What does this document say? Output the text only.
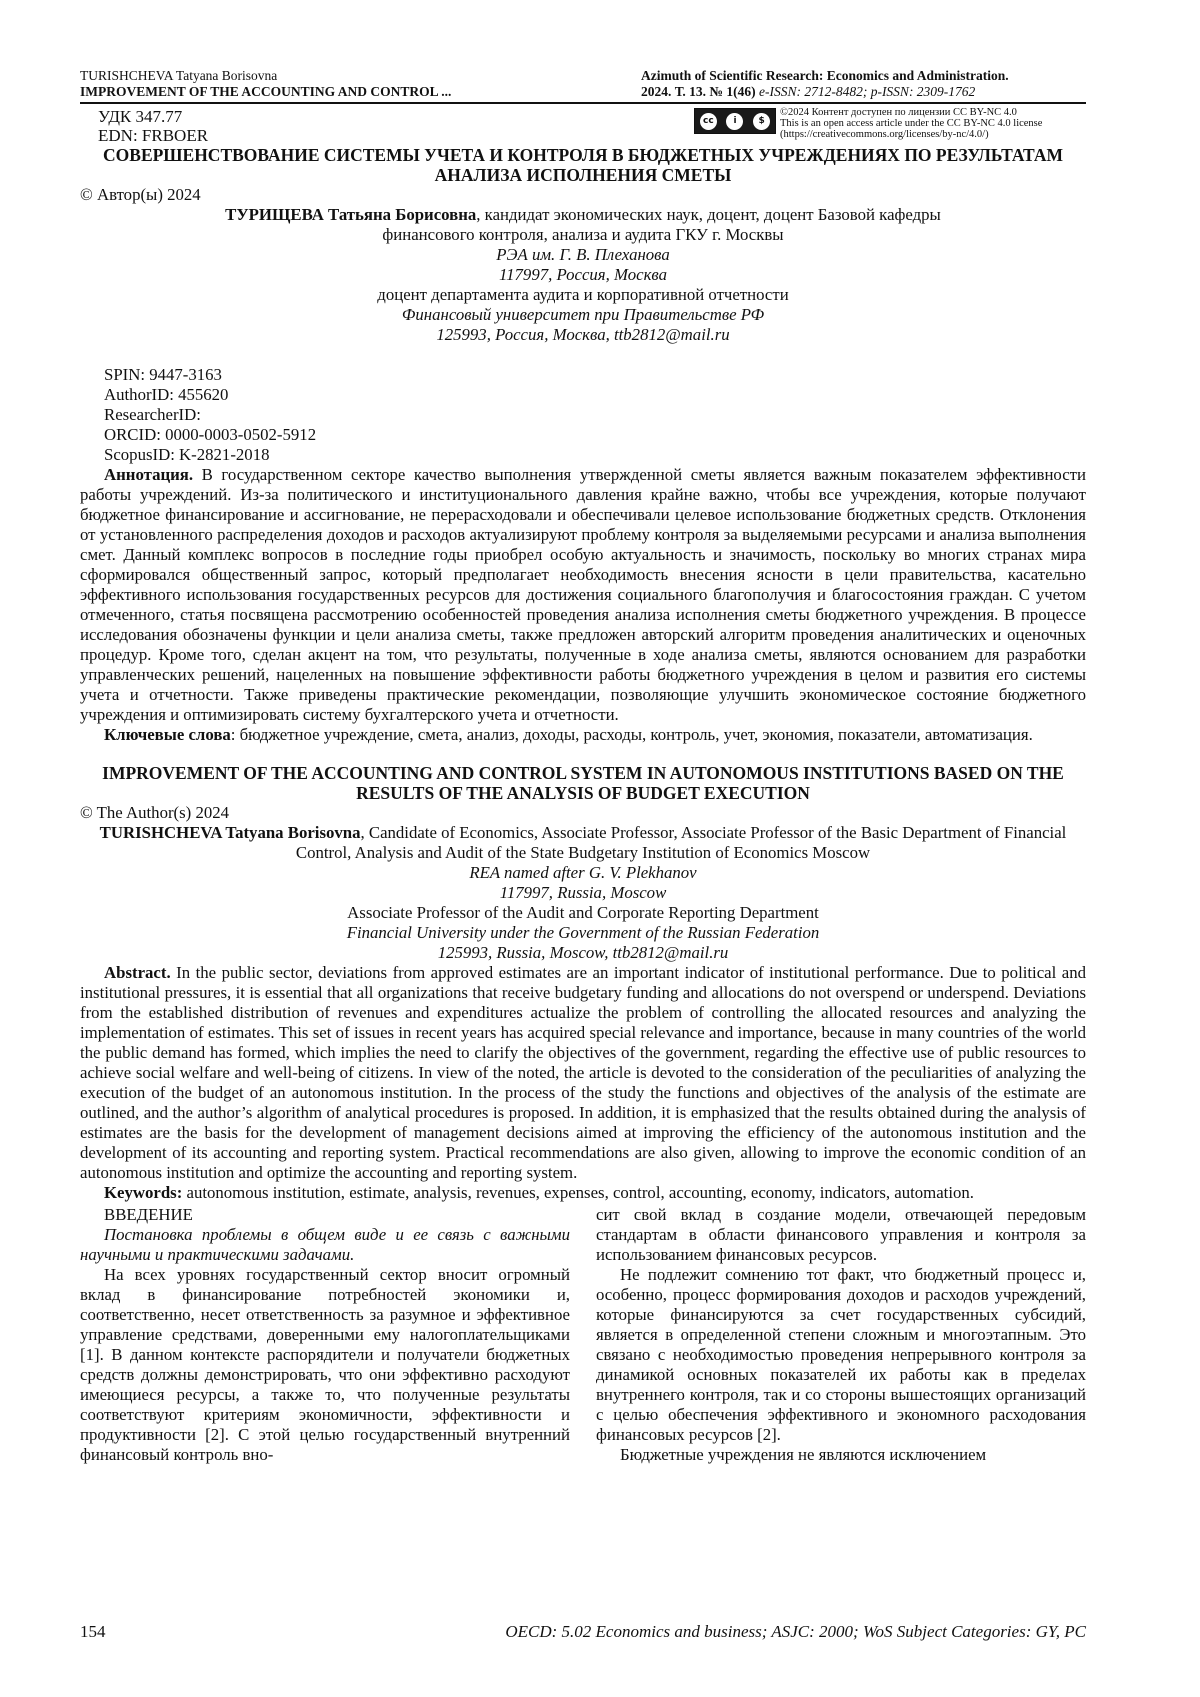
TURISHCHEVA Tatyana Borisovna
IMPROVEMENT OF THE ACCOUNTING AND CONTROL ...
Azimuth of Scientific Research: Economics and Administration.
2024. Т. 13. № 1(46) e-ISSN: 2712-8482; p-ISSN: 2309-1762
УДК 347.77
EDN: FRBOER
cc	i	$
©2024 Контент доступен по лицензии CC BY-NC 4.0
This is an open access article under the CC BY-NC 4.0 license
(https://creativecommons.org/licenses/by-nc/4.0/)
СОВЕРШЕНСТВОВАНИЕ СИСТЕМЫ УЧЕТА И КОНТРОЛЯ В БЮДЖЕТНЫХ УЧРЕЖДЕНИЯХ ПО РЕЗУЛЬТАТАМ АНАЛИЗА ИСПОЛНЕНИЯ СМЕТЫ

© Автор(ы) 2024

ТУРИЩЕВА Татьяна Борисовна, кандидат экономических наук, доцент, доцент Базовой кафедры
финансового контроля, анализа и аудита ГКУ г. Москвы

РЭА им. Г. В. Плеханова

117997, Россия, Москва

доцент департамента аудита и корпоративной отчетности

Финансовый университет при Правительстве РФ

125993, Россия, Москва, ttb2812@mail.ru

SPIN: 9447-3163

AuthorID: 455620

ResearcherID:

ORCID: 0000-0003-0502-5912

ScopusID: K-2821-2018

Аннотация. В государственном секторе качество выполнения утвержденной сметы является важным показателем эффективности работы учреждений. Из-за политического и институционального давления крайне важно, чтобы все учреждения, которые получают бюджетное финансирование и ассигнование, не перерасходовали и обеспечивали целевое использование бюджетных средств. Отклонения от установленного распределения доходов и расходов актуализируют проблему контроля за выделяемыми ресурсами и анализа выполнения смет. Данный комплекс вопросов в последние годы приобрел особую актуальность и значимость, поскольку во многих странах мира сформировался общественный запрос, который предполагает необходимость внесения ясности в цели правительства, касательно эффективного использования государственных ресурсов для достижения социального благополучия и благосостояния граждан. С учетом отмеченного, статья посвящена рассмотрению особенностей проведения анализа исполнения сметы бюджетного учреждения. В процессе исследования обозначены функции и цели анализа сметы, также предложен авторский алгоритм проведения аналитических и оценочных процедур. Кроме того, сделан акцент на том, что результаты, полученные в ходе анализа сметы, являются основанием для разработки управленческих решений, нацеленных на повышение эффективности работы бюджетного учреждения в целом и развития его системы учета и отчетности. Также приведены практические рекомендации, позволяющие улучшить экономическое состояние бюджетного учреждения и оптимизировать систему бухгалтерского учета и отчетности.

Ключевые слова: бюджетное учреждение, смета, анализ, доходы, расходы, контроль, учет, экономия, показатели, автоматизация.

IMPROVEMENT OF THE ACCOUNTING AND CONTROL SYSTEM IN AUTONOMOUS INSTITUTIONS BASED ON THE RESULTS OF THE ANALYSIS OF BUDGET EXECUTION

© The Author(s) 2024

TURISHCHEVA Tatyana Borisovna, Candidate of Economics, Associate Professor, Associate Professor of the Basic Department of Financial Control, Analysis and Audit of the State Budgetary Institution of Economics Moscow

REA named after G. V. Plekhanov

117997, Russia, Moscow

Associate Professor of the Audit and Corporate Reporting Department

Financial University under the Government of the Russian Federation

125993, Russia, Moscow, ttb2812@mail.ru

Abstract. In the public sector, deviations from approved estimates are an important indicator of institutional performance. Due to political and institutional pressures, it is essential that all organizations that receive budgetary funding and allocations do not overspend or underspend. Deviations from the established distribution of revenues and expenditures actualize the problem of controlling the allocated resources and analyzing the implementation of estimates. This set of issues in recent years has acquired special relevance and importance, because in many countries of the world the public demand has formed, which implies the need to clarify the objectives of the government, regarding the effective use of public resources to achieve social welfare and well-being of citizens. In view of the noted, the article is devoted to the consideration of the peculiarities of analyzing the execution of the budget of an autonomous institution. In the process of the study the functions and objectives of the analysis of the estimate are outlined, and the author’s algorithm of analytical procedures is proposed. In addition, it is emphasized that the results obtained during the analysis of estimates are the basis for the development of management decisions aimed at improving the efficiency of the autonomous institution and the development of its accounting and reporting system. Practical recommendations are also given, allowing to improve the economic condition of an autonomous institution and optimize the accounting and reporting system.

Keywords: autonomous institution, estimate, analysis, revenues, expenses, control, accounting, economy, indicators, automation.

ВВЕДЕНИЕ

Постановка проблемы в общем виде и ее связь с важными научными и практическими задачами.

На всех уровнях государственный сектор вносит огромный вклад в финансирование потребностей экономики и, соответственно, несет ответственность за разумное и эффективное управление средствами, доверенными ему налогоплательщиками [1]. В данном контексте распорядители и получатели бюджетных средств должны демонстрировать, что они эффективно расходуют имеющиеся ресурсы, а также то, что полученные результаты соответствуют критериям экономичности, эффективности и продуктивности [2]. С этой целью государственный внутренний финансовый контроль вно-

сит свой вклад в создание модели, отвечающей передовым стандартам в области финансового управления и контроля за использованием финансовых ресурсов.

Не подлежит сомнению тот факт, что бюджетный процесс и, особенно, процесс формирования доходов и расходов учреждений, которые финансируются за счет государственных субсидий, является в определенной степени сложным и многоэтапным. Это связано с необходимостью проведения непрерывного контроля за динамикой основных показателей их работы как в пределах внутреннего контроля, так и со стороны вышестоящих организаций с целью обеспечения эффективного и экономного расходования финансовых ресурсов [2].

Бюджетные учреждения не являются исключением

154	OECD: 5.02 Economics and business; ASJC: 2000; WoS Subject Categories: GY, PC
